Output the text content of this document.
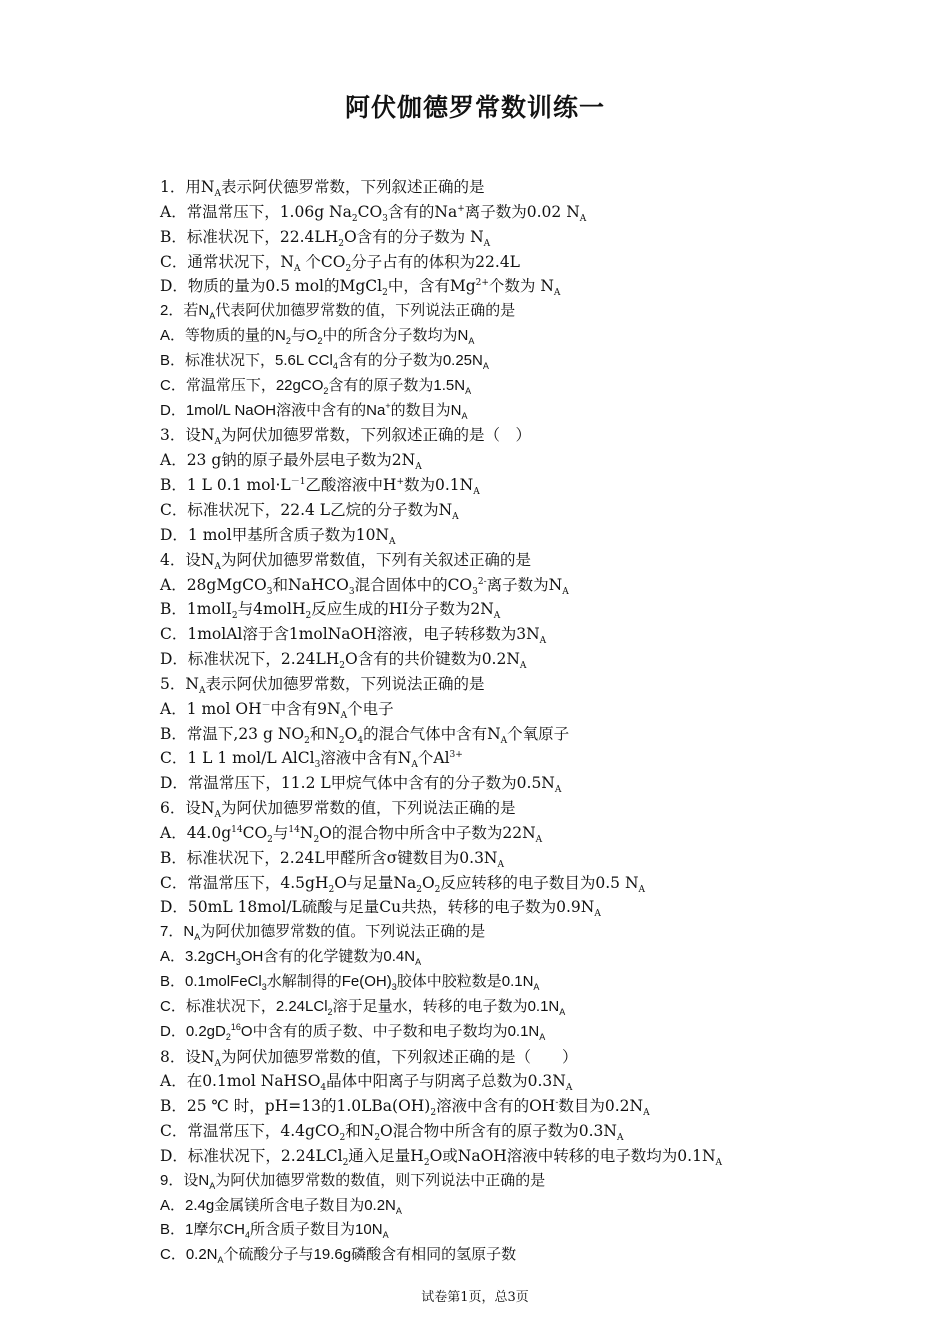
阿伏伽德罗常数训练一
1．用$N_A$表示阿伏德罗常数，下列叙述正确的是
A．常温常压下，1.06g $Na_2CO_3$含有的Na+离子数为0.02 $N_A$
B．标准状况下，$22.4LH_2O$含有的分子数为 $N_A$
C．通常状况下，$N_A$ 个$CO_2$分子占有的体积为22.4L
D．物质的量为0.5 mol的MgCl$_2$中，含有$Mg^{2+}$个数为 $N_A$
2．若$N_A$代表阿伏加德罗常数的值，下列说法正确的是
A．等物质的量的$N_2$与$O_2$中的所含分子数均为$N_A$
B．标准状况下，5.6L CCl$_4$含有的分子数为$0.25N_A$
C．常温常压下，22gCO$_2$含有的原子数为$1.5N_A$
D．1mol/L NaOH溶液中含有的Na+的数目为$N_A$
3．设$N_A$为阿伏加德罗常数，下列叙述正确的是（　）
A．23 g钠的原子最外层电子数为$2N_A$
B．1 L 0.1 $mol\cdot L^{-1}$乙酸溶液中H+数为$0.1N_A$
C．标准状况下，22.4 L乙烷的分子数为$N_A$
D．1 mol甲基所含质子数为$10N_A$
4．设$N_A$为阿伏加德罗常数值，下列有关叙述正确的是
A．28gMgCO$_3$和NaHCO$_3$混合固体中的$CO_3^{2-}$离子数为$N_A$
B．1molI$_2$与4molH$_2$反应生成的HI分子数为$2N_A$
C．1molAl溶于含1molNaOH溶液，电子转移数为$3N_A$
D．标准状况下，$2.24LH_2O$含有的共价键数为$0.2N_A$
5．$N_A$表示阿伏加德罗常数，下列说法正确的是
A．1 mol OH－中含有$9N_A$个电子
B．常温下,23 g $NO_2$和$N_2O_4$的混合气体中含有$N_A$个氧原子
C．1 L 1 mol/L AlCl$_3$溶液中含有$N_A$个$Al^{3+}$
D．常温常压下，11.2 L甲烷气体中含有的分子数为$0.5N_A$
6．设$N_A$为阿伏加德罗常数的值，下列说法正确的是
A．$44.0g^{14}CO_2$与$^{14}N_2O$的混合物中所含中子数为$22N_A$
B．标准状况下，2.24L甲醛所含σ键数目为$0.3N_A$
C．常温常压下，$4.5gH_2O$与足量$Na_2O_2$反应转移的电子数目为0.5 $N_A$
D．50mL 18mol/L硫酸与足量Cu共热，转移的电子数为$0.9N_A$
7．$N_A$为阿伏加德罗常数的值。下列说法正确的是
A．3.2gCH$_3$OH含有的化学键数为$0.4N_A$
B．0.1molFeCl$_3$水解制得的$Fe(OH)_3$胶体中胶粒数是$0.1N_A$
C．标准状况下，2.24LCl$_2$溶于足量水，转移的电子数为$0.1N_A$
D．$0.2gD_2^{16}O$中含有的质子数、中子数和电子数均为$0.1N_A$
8．设$N_A$为阿伏加德罗常数的值，下列叙述正确的是（　　）
A．在0.1mol NaHSO$_4$晶体中阳离子与阴离子总数为$0.3N_A$
B．25 ℃ 时，pH=13的$1.0LBa(OH)_2$溶液中含有的OH-数目为$0.2N_A$
C．常温常压下，4.4gCO$_2$和$N_2O$混合物中所含有的原子数为$0.3N_A$
D．标准状况下，2.24LCl$_2$通入足量$H_2O$或NaOH溶液中转移的电子数均为$0.1N_A$
9．设$N_A$为阿伏加德罗常数的数值，则下列说法中正确的是
A．2.4g金属镁所含电子数目为$0.2N_A$
B．1摩尔$CH_4$所含质子数目为$10N_A$
C．$0.2N_A$个硫酸分子与19.6g磷酸含有相同的氢原子数
试卷第1页，总3页
